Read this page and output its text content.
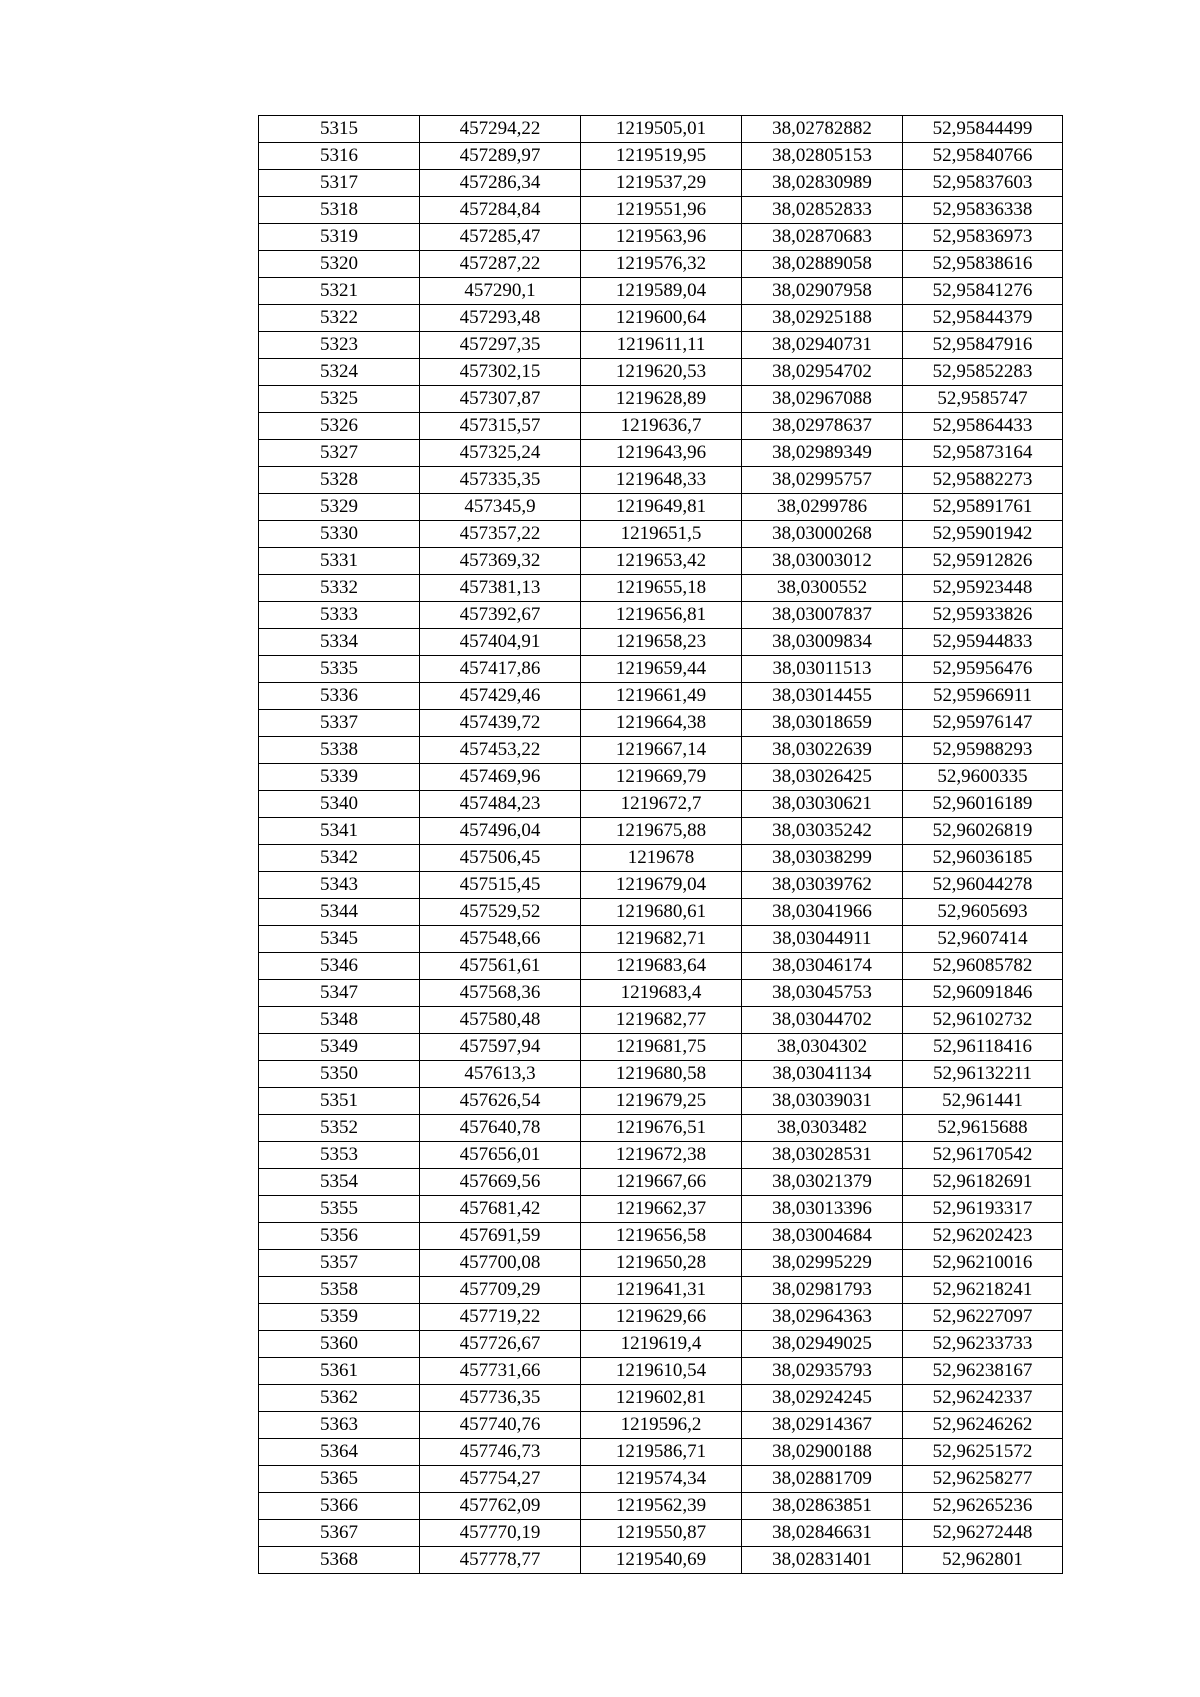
5315	457294,22	1219505,01	38,02782882	52,95844499
5316	457289,97	1219519,95	38,02805153	52,95840766
5317	457286,34	1219537,29	38,02830989	52,95837603
5318	457284,84	1219551,96	38,02852833	52,95836338
5319	457285,47	1219563,96	38,02870683	52,95836973
5320	457287,22	1219576,32	38,02889058	52,95838616
5321	457290,1	1219589,04	38,02907958	52,95841276
5322	457293,48	1219600,64	38,02925188	52,95844379
5323	457297,35	1219611,11	38,02940731	52,95847916
5324	457302,15	1219620,53	38,02954702	52,95852283
5325	457307,87	1219628,89	38,02967088	52,9585747
5326	457315,57	1219636,7	38,02978637	52,95864433
5327	457325,24	1219643,96	38,02989349	52,95873164
5328	457335,35	1219648,33	38,02995757	52,95882273
5329	457345,9	1219649,81	38,0299786	52,95891761
5330	457357,22	1219651,5	38,03000268	52,95901942
5331	457369,32	1219653,42	38,03003012	52,95912826
5332	457381,13	1219655,18	38,0300552	52,95923448
5333	457392,67	1219656,81	38,03007837	52,95933826
5334	457404,91	1219658,23	38,03009834	52,95944833
5335	457417,86	1219659,44	38,03011513	52,95956476
5336	457429,46	1219661,49	38,03014455	52,95966911
5337	457439,72	1219664,38	38,03018659	52,95976147
5338	457453,22	1219667,14	38,03022639	52,95988293
5339	457469,96	1219669,79	38,03026425	52,9600335
5340	457484,23	1219672,7	38,03030621	52,96016189
5341	457496,04	1219675,88	38,03035242	52,96026819
5342	457506,45	1219678	38,03038299	52,96036185
5343	457515,45	1219679,04	38,03039762	52,96044278
5344	457529,52	1219680,61	38,03041966	52,9605693
5345	457548,66	1219682,71	38,03044911	52,9607414
5346	457561,61	1219683,64	38,03046174	52,96085782
5347	457568,36	1219683,4	38,03045753	52,96091846
5348	457580,48	1219682,77	38,03044702	52,96102732
5349	457597,94	1219681,75	38,0304302	52,96118416
5350	457613,3	1219680,58	38,03041134	52,96132211
5351	457626,54	1219679,25	38,03039031	52,961441
5352	457640,78	1219676,51	38,0303482	52,9615688
5353	457656,01	1219672,38	38,03028531	52,96170542
5354	457669,56	1219667,66	38,03021379	52,96182691
5355	457681,42	1219662,37	38,03013396	52,96193317
5356	457691,59	1219656,58	38,03004684	52,96202423
5357	457700,08	1219650,28	38,02995229	52,96210016
5358	457709,29	1219641,31	38,02981793	52,96218241
5359	457719,22	1219629,66	38,02964363	52,96227097
5360	457726,67	1219619,4	38,02949025	52,96233733
5361	457731,66	1219610,54	38,02935793	52,96238167
5362	457736,35	1219602,81	38,02924245	52,96242337
5363	457740,76	1219596,2	38,02914367	52,96246262
5364	457746,73	1219586,71	38,02900188	52,96251572
5365	457754,27	1219574,34	38,02881709	52,96258277
5366	457762,09	1219562,39	38,02863851	52,96265236
5367	457770,19	1219550,87	38,02846631	52,96272448
5368	457778,77	1219540,69	38,02831401	52,962801
